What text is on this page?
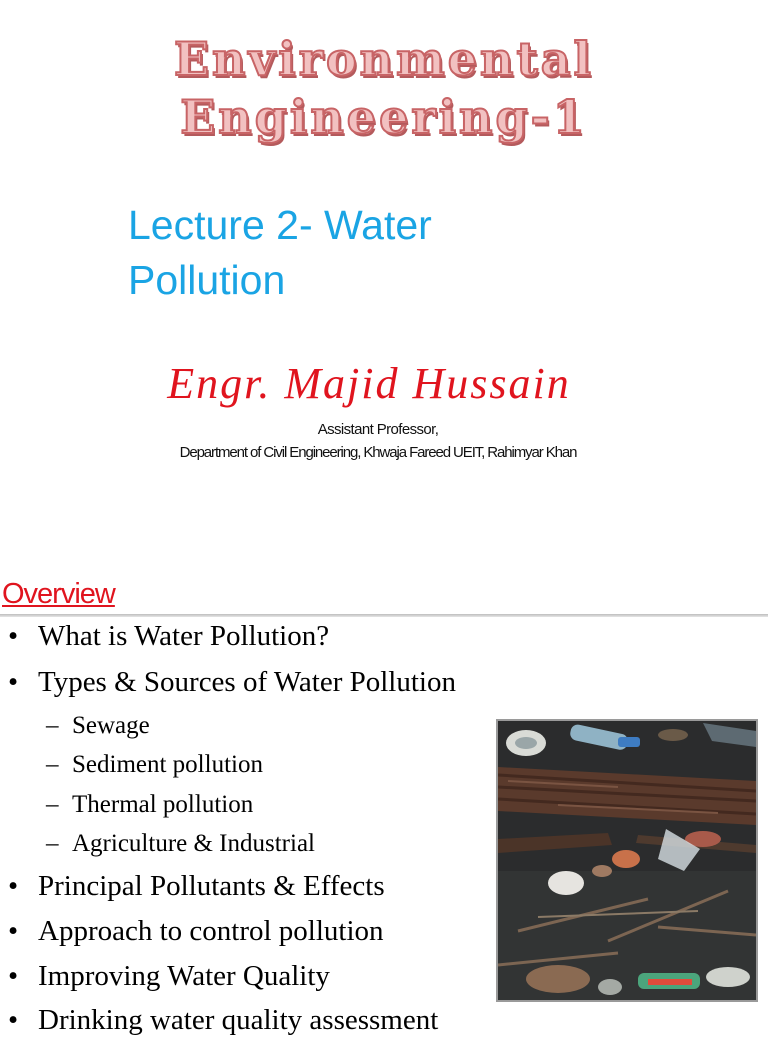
Environmental
Engineering-1
Lecture 2- Water Pollution
Engr. Majid Hussain
Assistant Professor,
Department of Civil Engineering, Khwaja Fareed UEIT, Rahimyar Khan
Overview
• What is Water Pollution?
• Types & Sources of Water Pollution
– Sewage
– Sediment pollution
– Thermal pollution
– Agriculture & Industrial
• Principal Pollutants & Effects
• Approach to control pollution
• Improving Water Quality
• Drinking water quality assessment
